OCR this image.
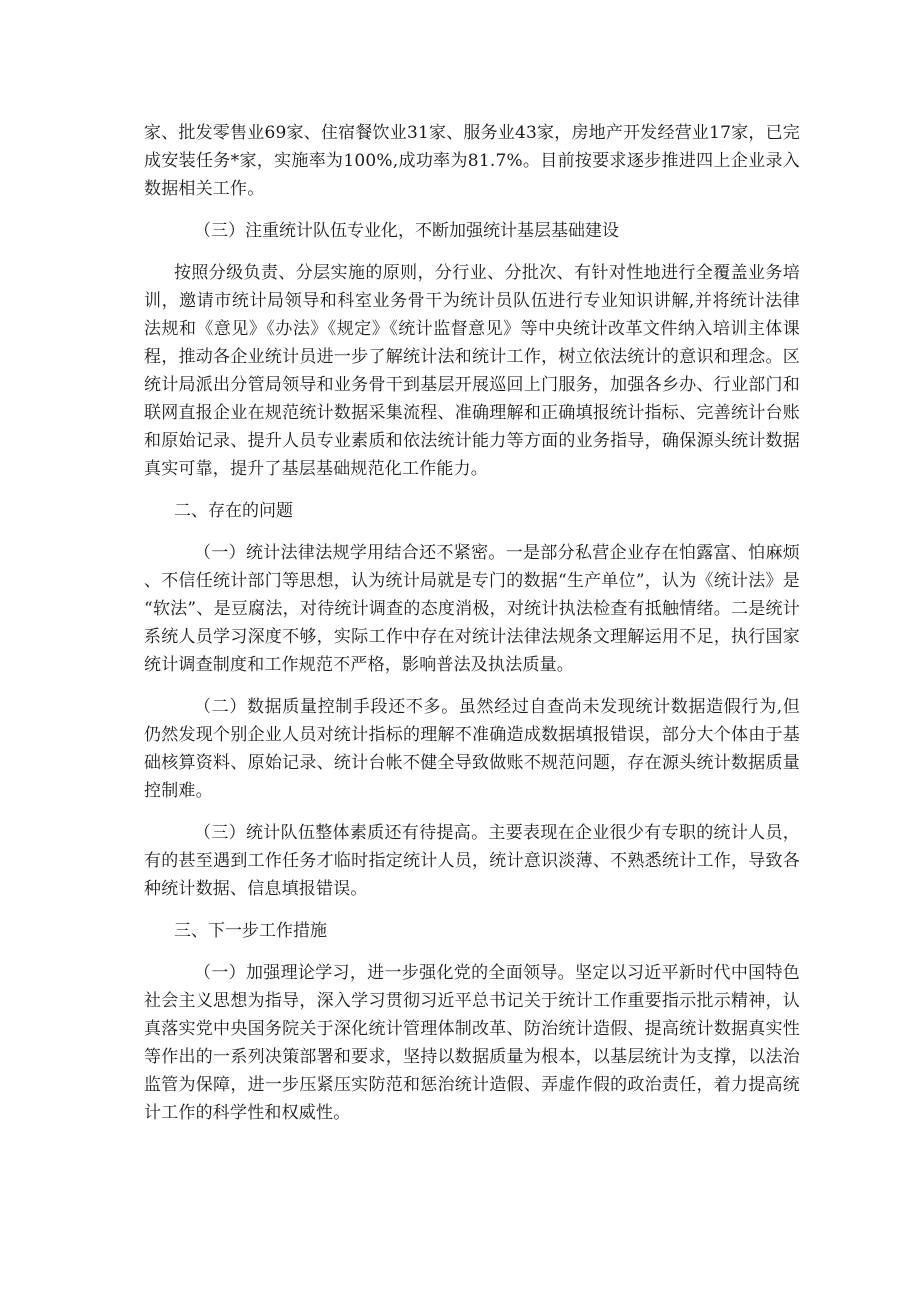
家、批发零售业69家、住宿餐饮业31家、服务业43家，房地产开发经营业17家，已完成安装任务*家，实施率为100%,成功率为81.7%。目前按要求逐步推进四上企业录入数据相关工作。

（三）注重统计队伍专业化，不断加强统计基层基础建设

按照分级负责、分层实施的原则，分行业、分批次、有针对性地进行全覆盖业务培训，邀请市统计局领导和科室业务骨干为统计员队伍进行专业知识讲解,并将统计法律法规和《意见》《办法》《规定》《统计监督意见》等中央统计改革文件纳入培训主体课程，推动各企业统计员进一步了解统计法和统计工作，树立依法统计的意识和理念。区统计局派出分管局领导和业务骨干到基层开展巡回上门服务，加强各乡办、行业部门和联网直报企业在规范统计数据采集流程、准确理解和正确填报统计指标、完善统计台账和原始记录、提升人员专业素质和依法统计能力等方面的业务指导，确保源头统计数据真实可靠，提升了基层基础规范化工作能力。

二、存在的问题

（一）统计法律法规学用结合还不紧密。一是部分私营企业存在怕露富、怕麻烦、不信任统计部门等思想，认为统计局就是专门的数据“生产单位”，认为《统计法》是“软法”、是豆腐法，对待统计调查的态度消极，对统计执法检查有抵触情绪。二是统计系统人员学习深度不够，实际工作中存在对统计法律法规条文理解运用不足，执行国家统计调查制度和工作规范不严格，影响普法及执法质量。

（二）数据质量控制手段还不多。虽然经过自查尚未发现统计数据造假行为,但仍然发现个别企业人员对统计指标的理解不准确造成数据填报错误，部分大个体由于基础核算资料、原始记录、统计台帐不健全导致做账不规范问题，存在源头统计数据质量控制难。

（三）统计队伍整体素质还有待提高。主要表现在企业很少有专职的统计人员，有的甚至遇到工作任务才临时指定统计人员，统计意识淡薄、不熟悉统计工作，导致各种统计数据、信息填报错误。

三、下一步工作措施

（一）加强理论学习，进一步强化党的全面领导。坚定以习近平新时代中国特色社会主义思想为指导，深入学习贯彻习近平总书记关于统计工作重要指示批示精神，认真落实党中央国务院关于深化统计管理体制改革、防治统计造假、提高统计数据真实性等作出的一系列决策部署和要求，坚持以数据质量为根本，以基层统计为支撑，以法治监管为保障，进一步压紧压实防范和惩治统计造假、弄虚作假的政治责任，着力提高统计工作的科学性和权威性。
